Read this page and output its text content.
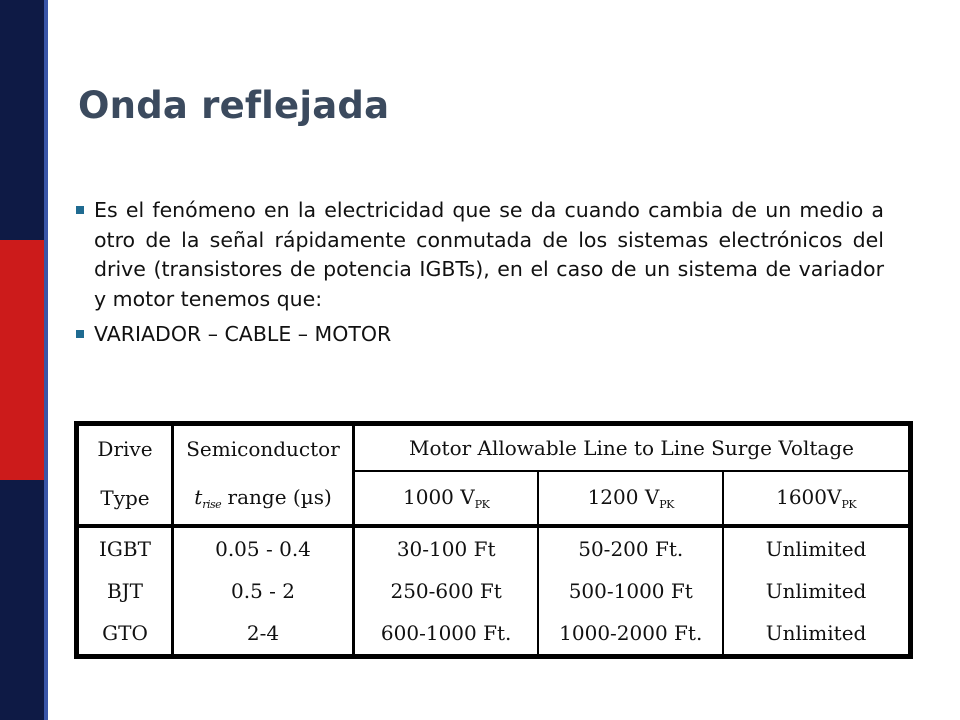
Onda reflejada
Es el fenómeno en la electricidad que se da cuando cambia de un medio a otro de la señal rápidamente conmutada de los sistemas electrónicos del drive (transistores de potencia IGBTs), en el caso de un sistema de variador y motor tenemos que:
VARIADOR – CABLE – MOTOR
Drive	Semiconductor	Motor Allowable Line to Line Surge Voltage		
Type	$t_{rise}$ range (µs)	1000 $V_{PK}$	1200 $V_{PK}$	$1600V_{PK}$
IGBT	0.05 - 0.4	30-100 Ft	50-200 Ft.	Unlimited
BJT	0.5 - 2	250-600 Ft	500-1000 Ft	Unlimited
GTO	2-4	600-1000 Ft.	1000-2000 Ft.	Unlimited
